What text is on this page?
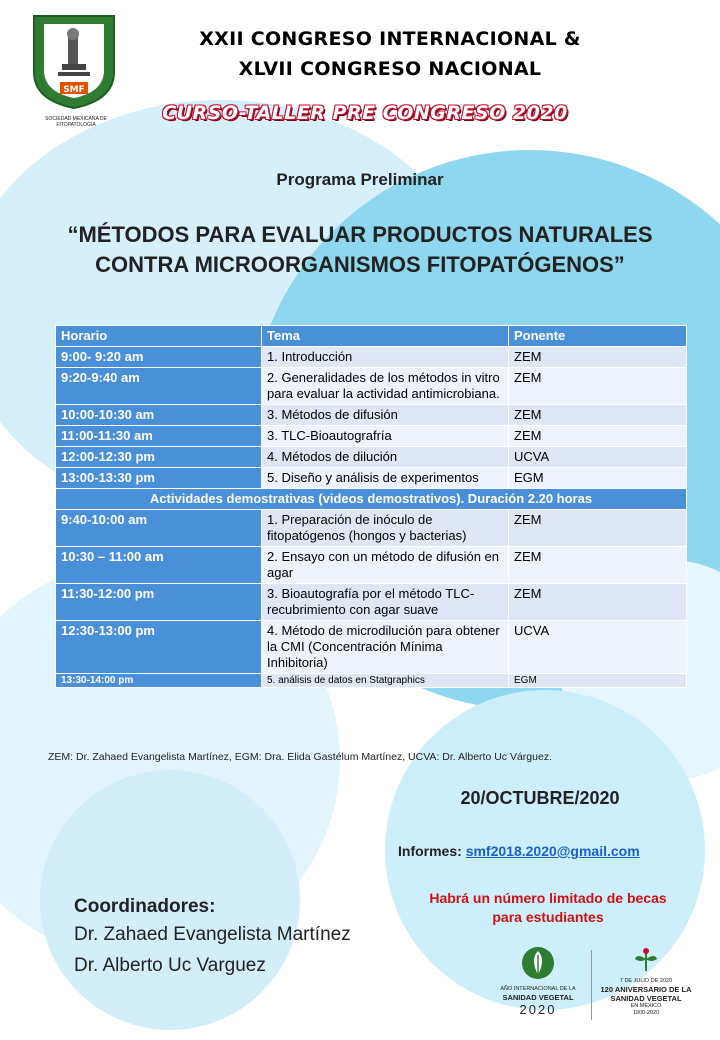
SMF
SOCIEDAD MEXICANA DE FITOPATOLOGÍA
XXII CONGRESO INTERNACIONAL &
XLVII CONGRESO NACIONAL
CURSO-TALLER PRE CONGRESO 2020
Programa Preliminar
“MÉTODOS PARA EVALUAR PRODUCTOS NATURALES
CONTRA MICROORGANISMOS FITOPATÓGENOS”
Horario	Tema	Ponente
9:00- 9:20 am	1. Introducción	ZEM
9:20-9:40 am	2. Generalidades de los métodos in vitro para evaluar la actividad antimicrobiana.	ZEM
10:00-10:30 am	3. Métodos de difusión	ZEM
11:00-11:30 am	3. TLC-Bioautografría	ZEM
12:00-12:30 pm	4. Métodos de dilución	UCVA
13:00-13:30 pm	5. Diseño y análisis de experimentos	EGM
Actividades demostrativas (videos demostrativos). Duración 2.20 horas		
9:40-10:00 am	1. Preparación de inóculo de fitopatógenos (hongos y bacterias)	ZEM
10:30 – 11:00 am	2. Ensayo con un método de difusión en agar	ZEM
11:30-12:00 pm	3. Bioautografía por el método TLC-recubrimiento con agar suave	ZEM
12:30-13:00 pm	4. Método de microdilución para obtener la CMI (Concentración Mínima Inhibitoria)	UCVA
13:30-14:00 pm	5. análisis de datos en Statgraphics	EGM
ZEM: Dr. Zahaed Evangelista Martínez, EGM: Dra. Elida Gastélum Martínez, UCVA: Dr. Alberto Uc Várguez.
20/OCTUBRE/2020
Informes: smf2018.2020@gmail.com
Habrá un número limitado de becas
para estudiantes
Coordinadores:
Dr. Zahaed Evangelista Martínez
Dr. Alberto Uc Varguez
AÑO INTERNACIONAL DE LA
SANIDAD VEGETAL
2020
7 DE JULIO DE 2020
120 ANIVERSARIO DE LA
SANIDAD VEGETAL
EN MÉXICO
1900-2020
